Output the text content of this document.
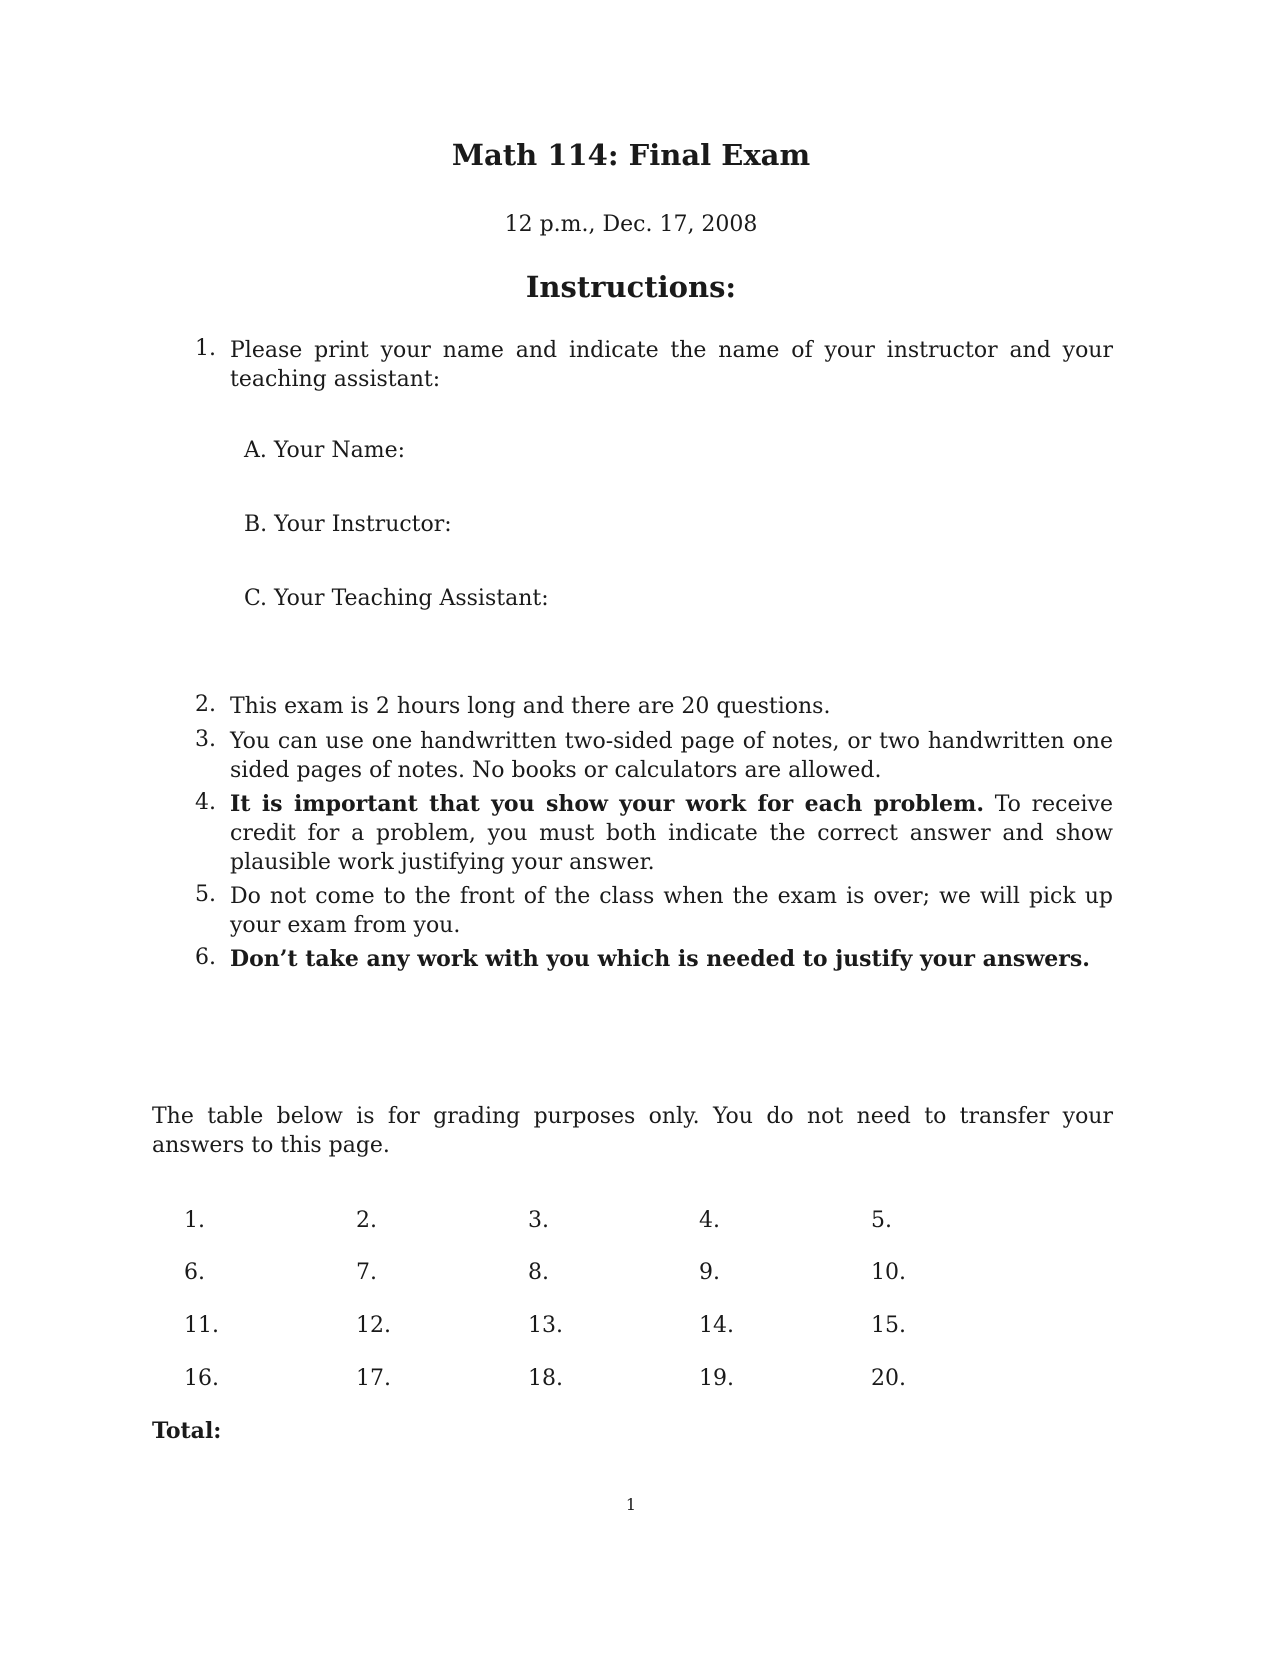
Math 114: Final Exam
12 p.m., Dec. 17, 2008
Instructions:
1. Please print your name and indicate the name of your instructor and your teaching assistant:
A. Your Name:
B. Your Instructor:
C. Your Teaching Assistant:
2. This exam is 2 hours long and there are 20 questions.
3. You can use one handwritten two-sided page of notes, or two handwritten one sided pages of notes. No books or calculators are allowed.
4. It is important that you show your work for each problem. To receive credit for a problem, you must both indicate the correct answer and show plausible work justifying your answer.
5. Do not come to the front of the class when the exam is over; we will pick up your exam from you.
6. Don’t take any work with you which is needed to justify your answers.
The table below is for grading purposes only. You do not need to transfer your answers to this page.
1.	2.	3.	4.	5.
6.	7.	8.	9.	10.
11.	12.	13.	14.	15.
16.	17.	18.	19.	20.
Total:
1
